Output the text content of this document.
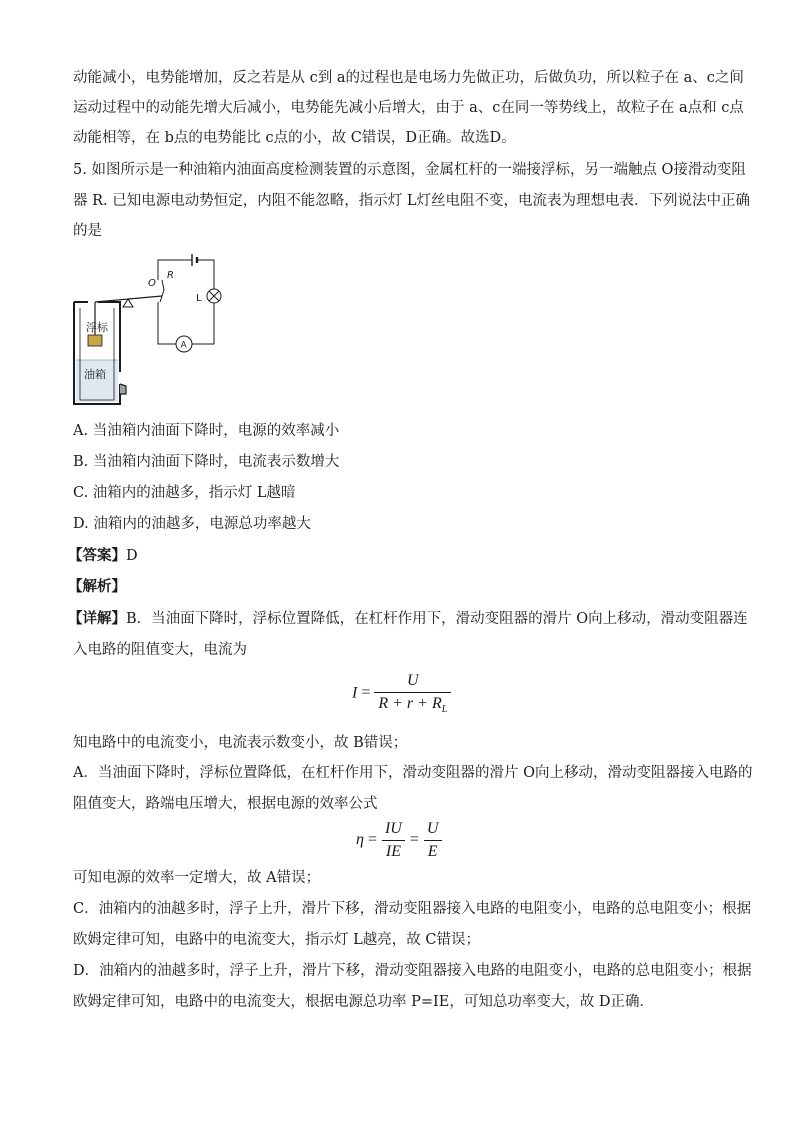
动能减小，电势能增加，反之若是从 c到 a的过程也是电场力先做正功，后做负功，所以粒子在 a、c之间
运动过程中的动能先增大后减小，电势能先减小后增大，由于 a、c在同一等势线上，故粒子在 a点和 c点
动能相等，在 b点的电势能比 c点的小，故 C错误，D正确。故选D。
5. 如图所示是一种油箱内油面高度检测装置的示意图，金属杠杆的一端接浮标，另一端触点 O接滑动变阻
器 R. 已知电源电动势恒定，内阻不能忽略，指示灯 L灯丝电阻不变，电流表为理想电表．下列说法中正确
的是
浮标
油箱
O
R
L
A
A. 当油箱内油面下降时，电源的效率减小
B. 当油箱内油面下降时，电流表示数增大
C. 油箱内的油越多，指示灯 L越暗
D. 油箱内的油越多，电源总功率越大
【答案】D
【解析】
【详解】B．当油面下降时，浮标位置降低，在杠杆作用下，滑动变阻器的滑片 O向上移动，滑动变阻器连
入电路的阻值变大，电流为
$I = \frac{U}{R + r + R_L}$
知电路中的电流变小，电流表示数变小，故 B错误；
A．当油面下降时，浮标位置降低，在杠杆作用下，滑动变阻器的滑片 O向上移动，滑动变阻器接入电路的
阻值变大，路端电压增大，根据电源的效率公式
$\eta = \frac{IU}{IE} = \frac{U}{E}$
可知电源的效率一定增大，故 A错误；
C．油箱内的油越多时，浮子上升，滑片下移，滑动变阻器接入电路的电阻变小，电路的总电阻变小；根据
欧姆定律可知，电路中的电流变大，指示灯 L越亮，故 C错误；
D．油箱内的油越多时，浮子上升，滑片下移，滑动变阻器接入电路的电阻变小，电路的总电阻变小；根据
欧姆定律可知，电路中的电流变大，根据电源总功率 P=IE，可知总功率变大，故 D正确．
